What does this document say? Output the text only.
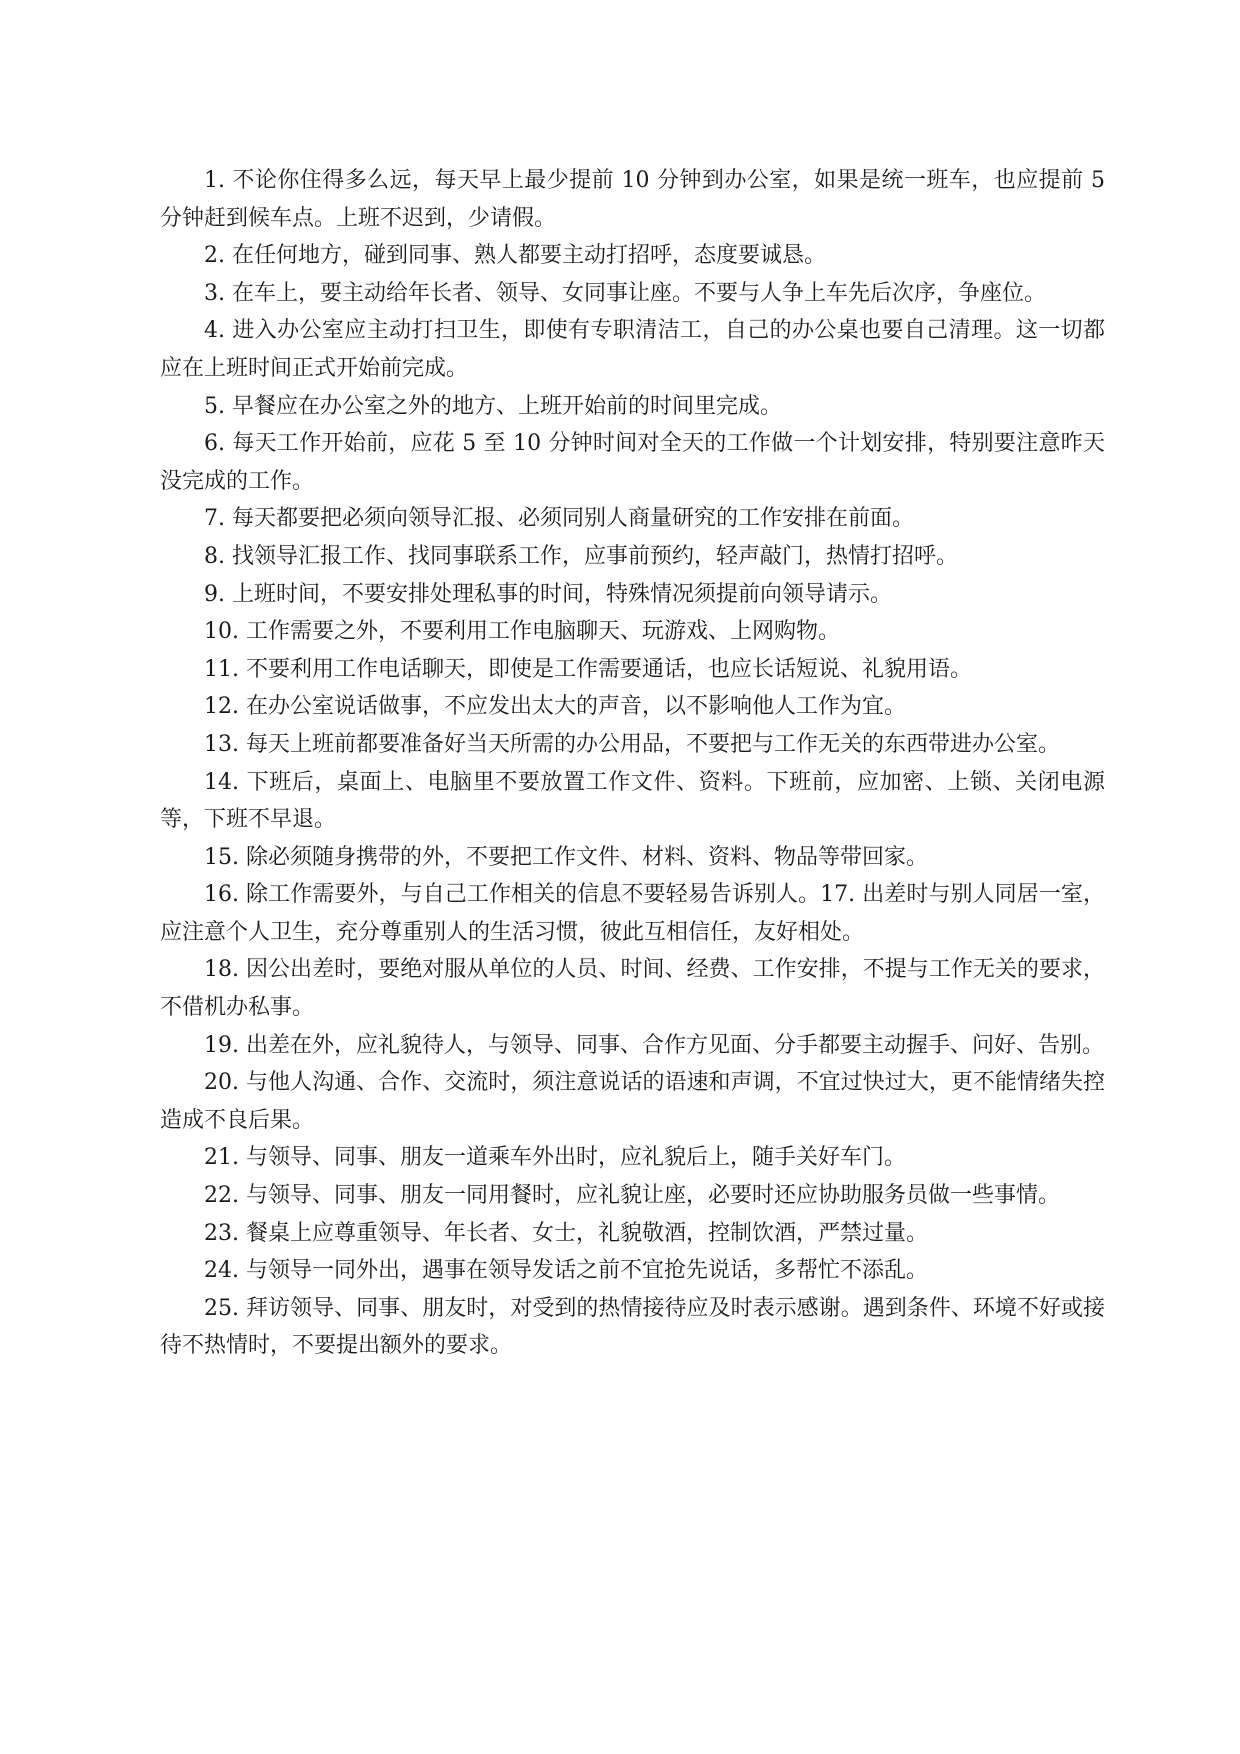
1. 不论你住得多么远，每天早上最少提前 10 分钟到办公室，如果是统一班车，也应提前 5 分钟赶到候车点。上班不迟到，少请假。

2. 在任何地方，碰到同事、熟人都要主动打招呼，态度要诚恳。

3. 在车上，要主动给年长者、领导、女同事让座。不要与人争上车先后次序，争座位。

4. 进入办公室应主动打扫卫生，即使有专职清洁工，自己的办公桌也要自己清理。这一切都应在上班时间正式开始前完成。

5. 早餐应在办公室之外的地方、上班开始前的时间里完成。

6. 每天工作开始前，应花 5 至 10 分钟时间对全天的工作做一个计划安排，特别要注意昨天没完成的工作。

7. 每天都要把必须向领导汇报、必须同别人商量研究的工作安排在前面。

8. 找领导汇报工作、找同事联系工作，应事前预约，轻声敲门，热情打招呼。

9. 上班时间，不要安排处理私事的时间，特殊情况须提前向领导请示。

10. 工作需要之外，不要利用工作电脑聊天、玩游戏、上网购物。

11. 不要利用工作电话聊天，即使是工作需要通话，也应长话短说、礼貌用语。

12. 在办公室说话做事，不应发出太大的声音，以不影响他人工作为宜。

13. 每天上班前都要准备好当天所需的办公用品，不要把与工作无关的东西带进办公室。

14. 下班后，桌面上、电脑里不要放置工作文件、资料。下班前，应加密、上锁、关闭电源等，下班不早退。

15. 除必须随身携带的外，不要把工作文件、材料、资料、物品等带回家。

16. 除工作需要外，与自己工作相关的信息不要轻易告诉别人。17. 出差时与别人同居一室，应注意个人卫生，充分尊重别人的生活习惯，彼此互相信任，友好相处。

18. 因公出差时，要绝对服从单位的人员、时间、经费、工作安排，不提与工作无关的要求，不借机办私事。

19. 出差在外，应礼貌待人，与领导、同事、合作方见面、分手都要主动握手、问好、告别。

20. 与他人沟通、合作、交流时，须注意说话的语速和声调，不宜过快过大，更不能情绪失控造成不良后果。

21. 与领导、同事、朋友一道乘车外出时，应礼貌后上，随手关好车门。

22. 与领导、同事、朋友一同用餐时，应礼貌让座，必要时还应协助服务员做一些事情。

23. 餐桌上应尊重领导、年长者、女士，礼貌敬酒，控制饮酒，严禁过量。

24. 与领导一同外出，遇事在领导发话之前不宜抢先说话，多帮忙不添乱。

25. 拜访领导、同事、朋友时，对受到的热情接待应及时表示感谢。遇到条件、环境不好或接待不热情时，不要提出额外的要求。
